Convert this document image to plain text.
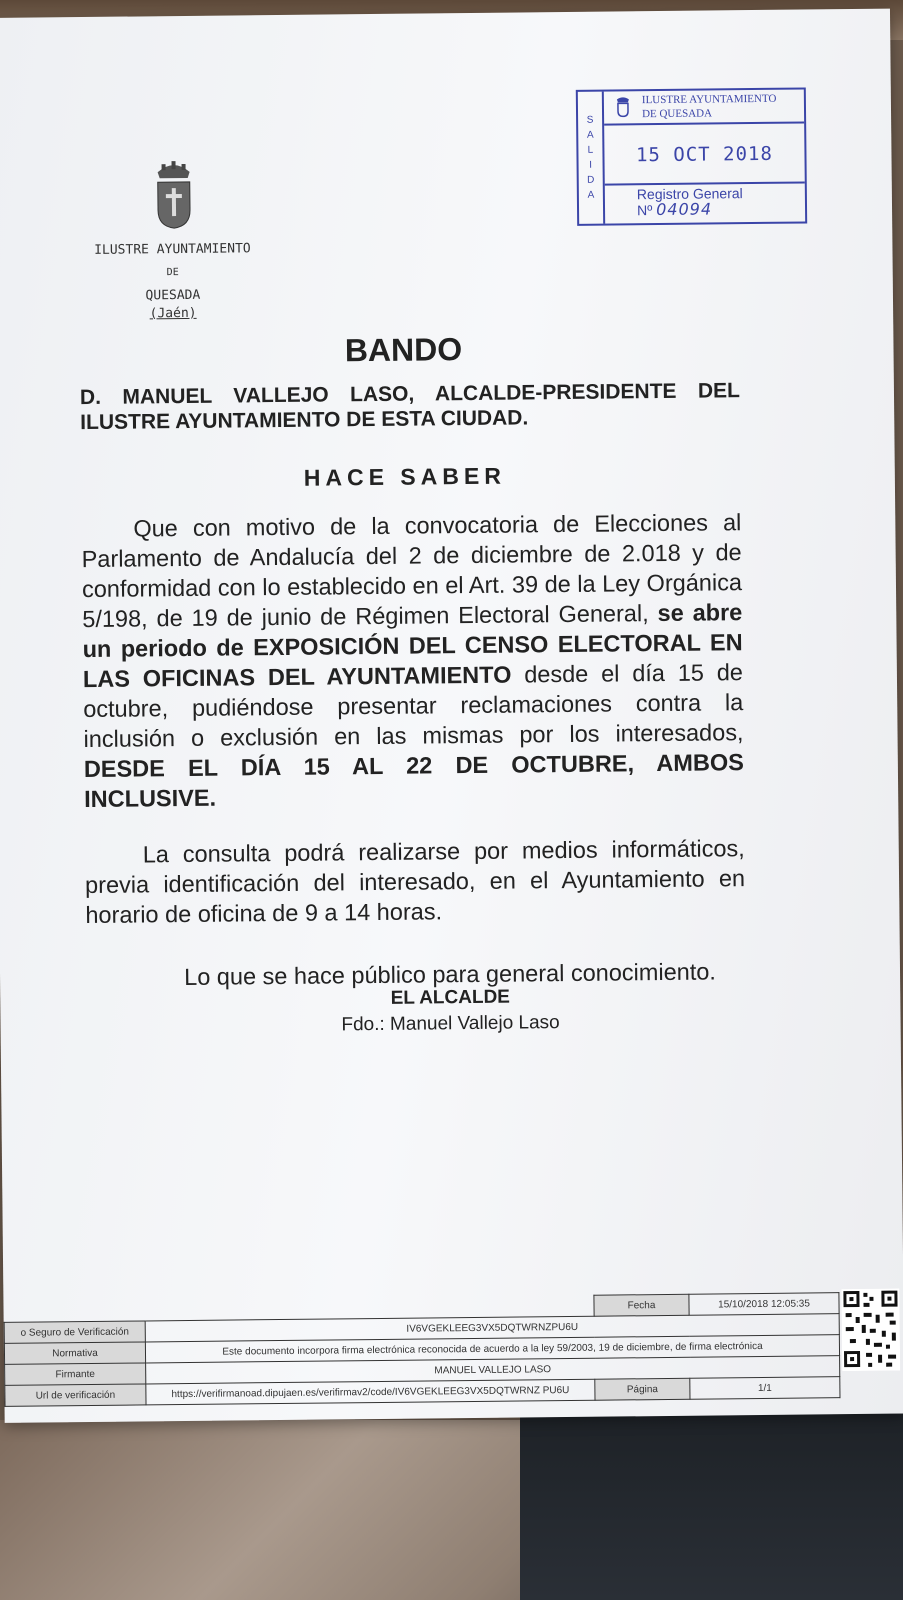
ILUSTRE AYUNTAMIENTO
DE
QUESADA
(Jaén)
S
A
L
I
D
A
ILUSTRE AYUNTAMIENTO
DE QUESADA
15 OCT 2018
Registro General
Nº 04094
BANDO
D. MANUEL VALLEJO LASO, ALCALDE-PRESIDENTE DEL ILUSTRE AYUNTAMIENTO DE ESTA CIUDAD.
HACE SABER
Que con motivo de la convocatoria de Elecciones al Parlamento de Andalucía del 2 de diciembre de 2.018 y de conformidad con lo establecido en el Art. 39 de la Ley Orgánica 5/198, de 19 de junio de Régimen Electoral General, se abre un periodo de EXPOSICIÓN DEL CENSO ELECTORAL EN LAS OFICINAS DEL AYUNTAMIENTO desde el día 15 de octubre, pudiéndose presentar reclamaciones contra la inclusión o exclusión en las mismas por los interesados, DESDE EL DÍA 15 AL 22 DE OCTUBRE, AMBOS INCLUSIVE.
La consulta podrá realizarse por medios informáticos, previa identificación del interesado, en el Ayuntamiento en horario de oficina de 9 a 14 horas.
Lo que se hace público para general conocimiento.
EL ALCALDE
Fdo.: Manuel Vallejo Laso
		Fecha	15/10/2018 12:05:35
o Seguro de Verificación	IV6VGEKLEEG3VX5DQTWRNZPU6U		
Normativa	Este documento incorpora firma electrónica reconocida de acuerdo a la ley 59/2003, 19 de diciembre, de firma electrónica		
Firmante	MANUEL VALLEJO LASO		
Url de verificación	https://verifirmanoad.dipujaen.es/verifirmav2/code/IV6VGEKLEEG3VX5DQTWRNZ PU6U	Página	1/1
